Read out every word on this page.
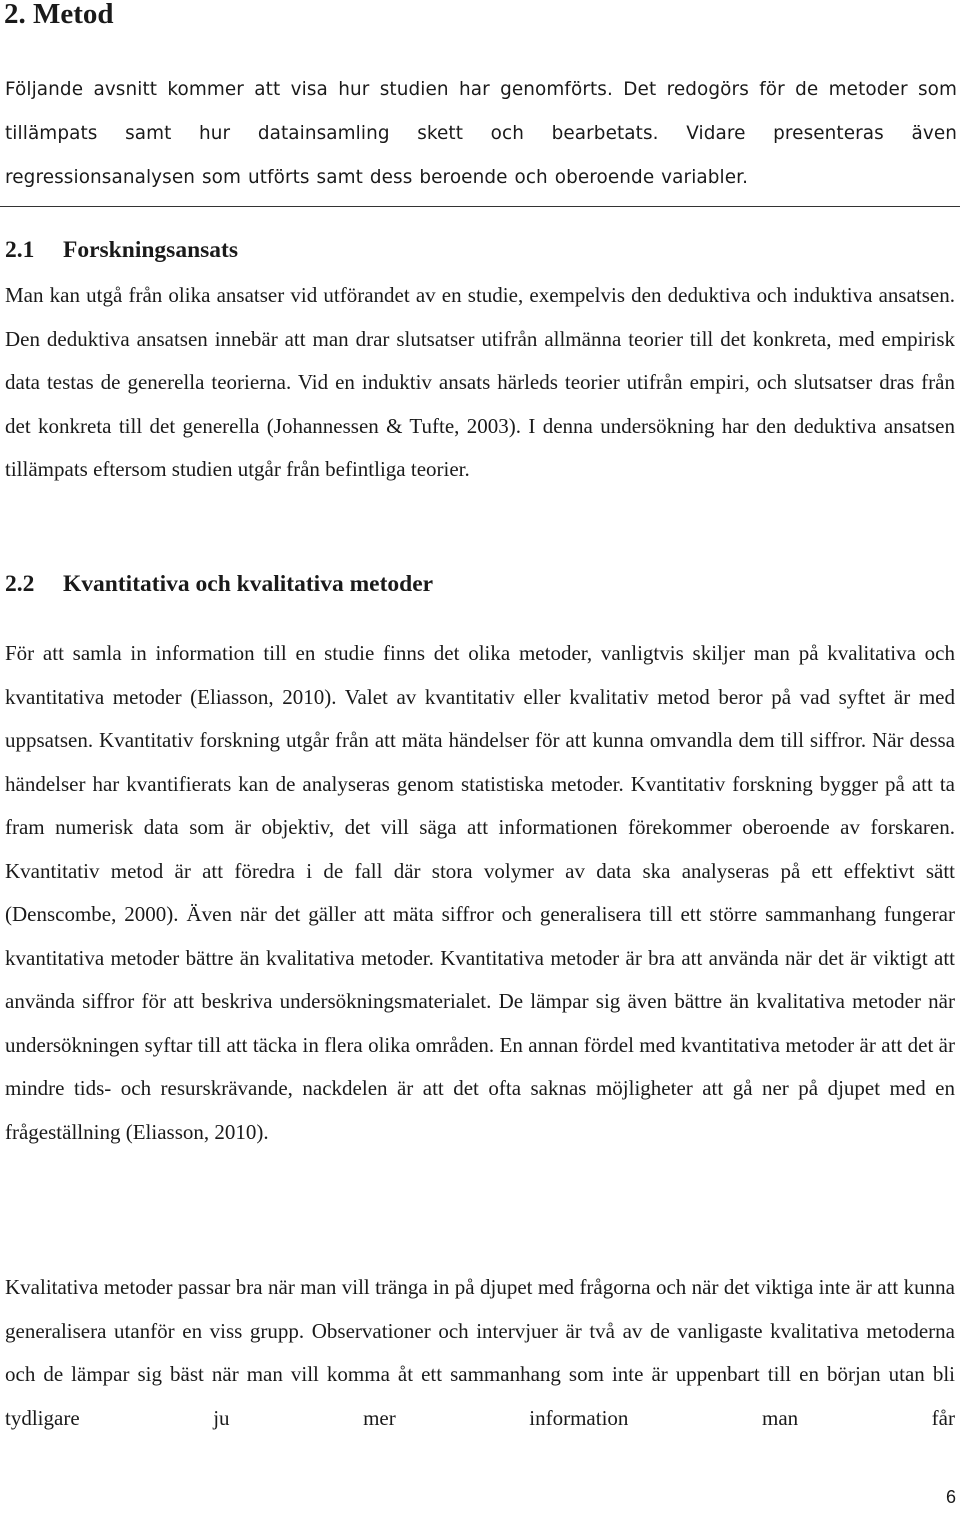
2. Metod

Följande avsnitt kommer att visa hur studien har genomförts. Det redogörs för de metoder som tillämpats samt hur datainsamling skett och bearbetats. Vidare presenteras även regressionsanalysen som utförts samt dess beroende och oberoende variabler.

2.1 Forskningsansats

Man kan utgå från olika ansatser vid utförandet av en studie, exempelvis den deduktiva och induktiva ansatsen. Den deduktiva ansatsen innebär att man drar slutsatser utifrån allmänna teorier till det konkreta, med empirisk data testas de generella teorierna. Vid en induktiv ansats härleds teorier utifrån empiri, och slutsatser dras från det konkreta till det generella (Johannessen & Tufte, 2003). I denna undersökning har den deduktiva ansatsen tillämpats eftersom studien utgår från befintliga teorier.

2.2 Kvantitativa och kvalitativa metoder

För att samla in information till en studie finns det olika metoder, vanligtvis skiljer man på kvalitativa och kvantitativa metoder (Eliasson, 2010). Valet av kvantitativ eller kvalitativ metod beror på vad syftet är med uppsatsen. Kvantitativ forskning utgår från att mäta händelser för att kunna omvandla dem till siffror. När dessa händelser har kvantifierats kan de analyseras genom statistiska metoder. Kvantitativ forskning bygger på att ta fram numerisk data som är objektiv, det vill säga att informationen förekommer oberoende av forskaren. Kvantitativ metod är att föredra i de fall där stora volymer av data ska analyseras på ett effektivt sätt (Denscombe, 2000). Även när det gäller att mäta siffror och generalisera till ett större sammanhang fungerar kvantitativa metoder bättre än kvalitativa metoder. Kvantitativa metoder är bra att använda när det är viktigt att använda siffror för att beskriva undersökningsmaterialet. De lämpar sig även bättre än kvalitativa metoder när undersökningen syftar till att täcka in flera olika områden. En annan fördel med kvantitativa metoder är att det är mindre tids- och resurskrävande, nackdelen är att det ofta saknas möjligheter att gå ner på djupet med en frågeställning (Eliasson, 2010).

Kvalitativa metoder passar bra när man vill tränga in på djupet med frågorna och när det viktiga inte är att kunna generalisera utanför en viss grupp. Observationer och intervjuer är två av de vanligaste kvalitativa metoderna och de lämpar sig bäst när man vill komma åt ett sammanhang som inte är uppenbart till en början utan bli tydligare ju mer information man får

6
